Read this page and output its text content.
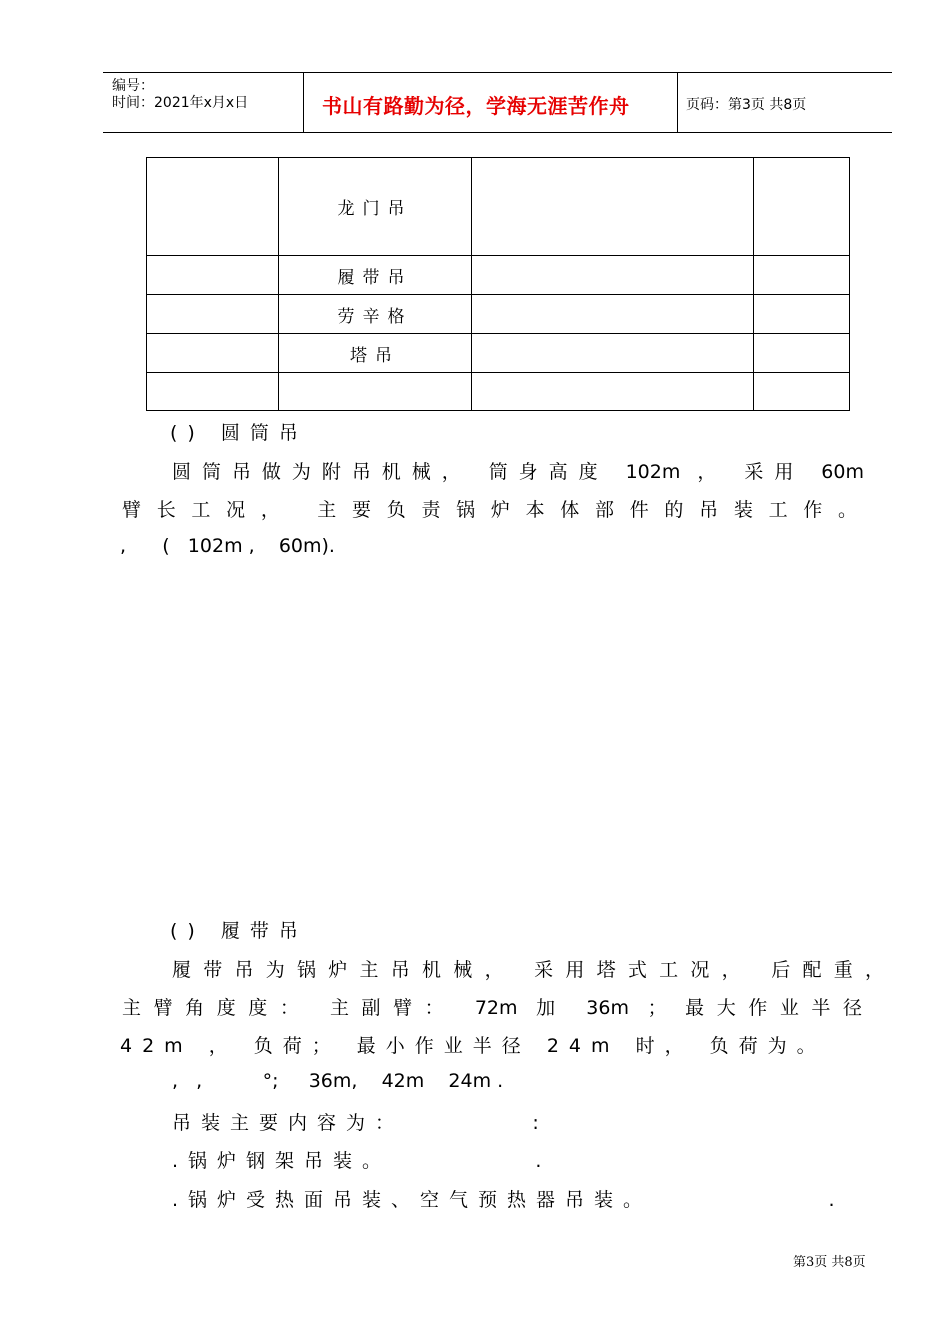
编号：
时间：2021年x月x日	书山有路勤为径，学海无涯苦作舟	页码：第3页 共8页
	龙门吊		
	履带吊		
	劳辛格		
	塔吊		

() 圆筒吊
圆筒吊做为附吊机械， 筒身高度 102m ， 采用 60m
臂长工况， 主要负责锅炉本体部件的吊装工作。
,      (   102m ,    60m).
() 履带吊
履带吊为锅炉主吊机械， 采用塔式工况， 后配重，
主臂角度度： 主副臂： 72m 加 36m ； 最大作业半径
42m ， 负荷； 最小作业半径 24m 时， 负荷为。
,   ,          °;     36m,    42m    24m .
吊装主要内容为：        :
.锅炉钢架吊装。         .
.锅炉受热面吊装、空气预热器吊装。           .
第3页 共8页
